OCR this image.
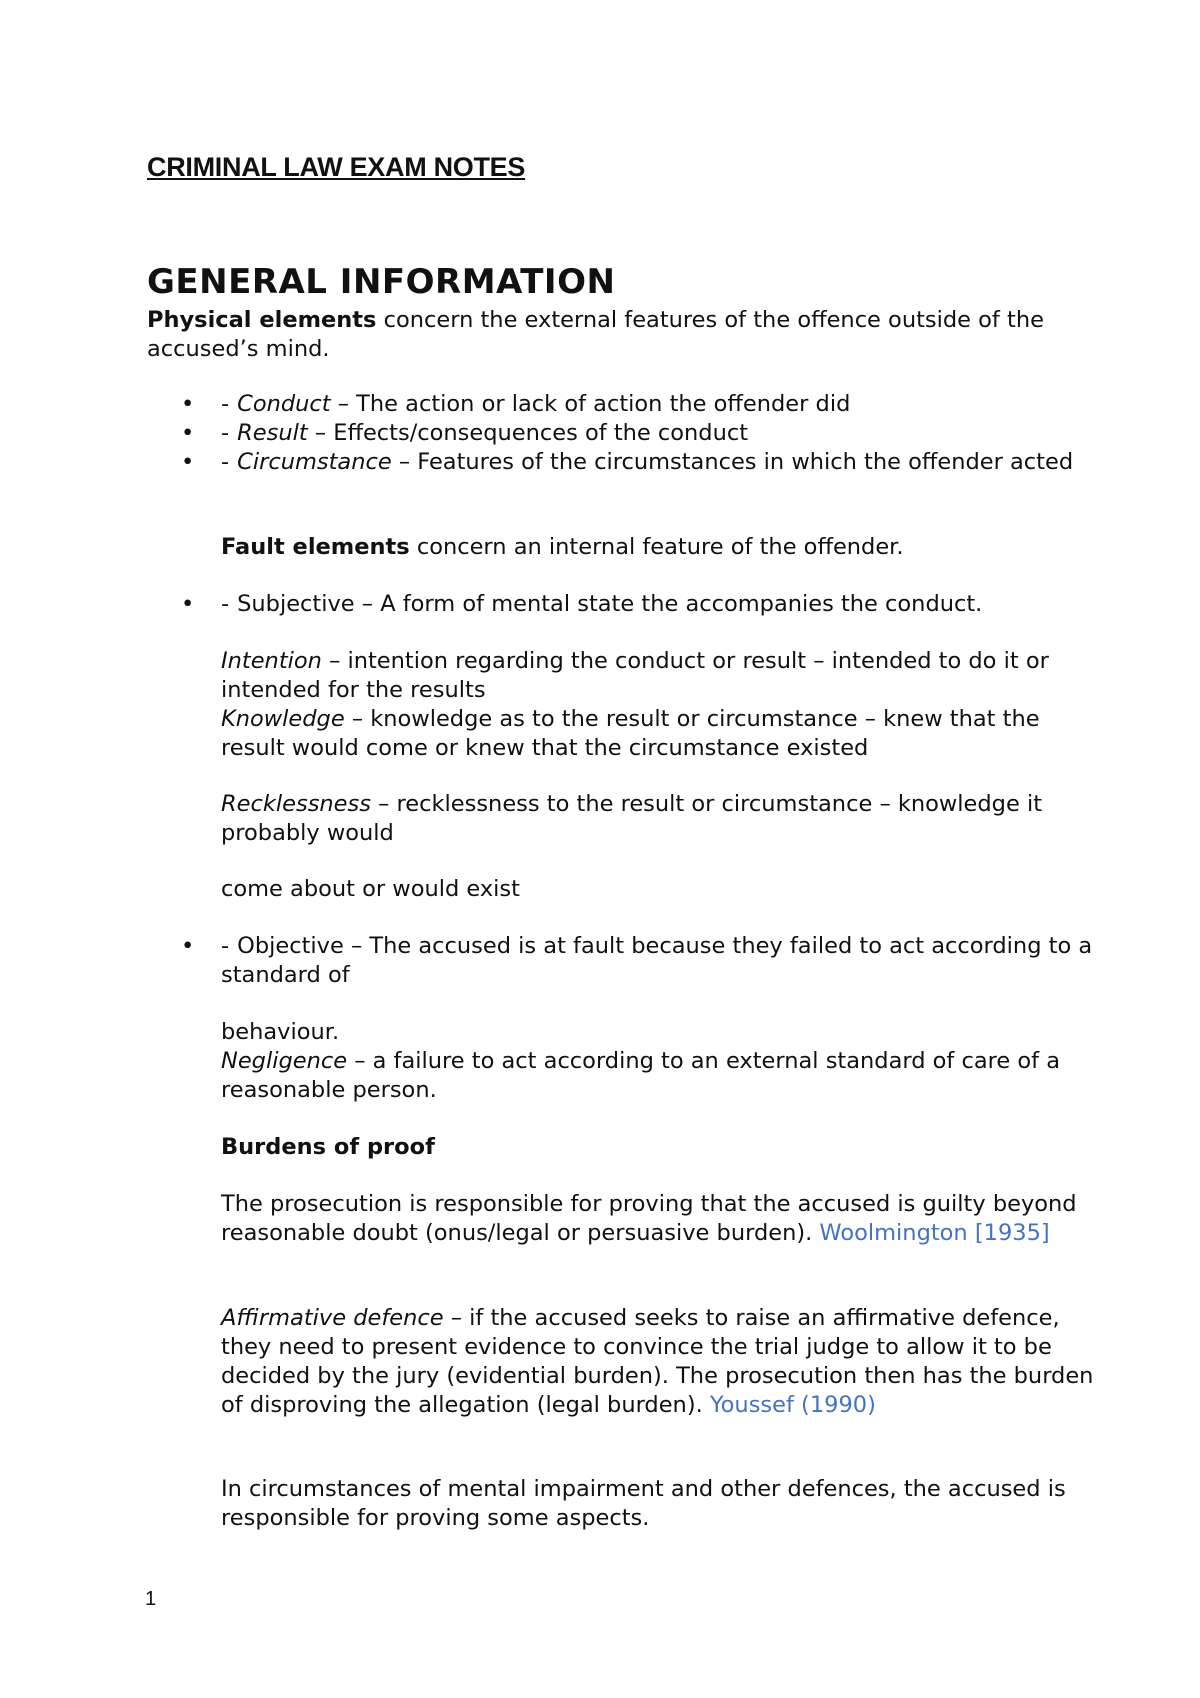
CRIMINAL LAW EXAM NOTES
GENERAL INFORMATION
Physical elements concern the external features of the offence outside of the accused’s mind.
• - Conduct – The action or lack of action the offender did
• - Result – Effects/consequences of the conduct
• - Circumstance – Features of the circumstances in which the offender acted
Fault elements concern an internal feature of the offender.
• - Subjective – A form of mental state the accompanies the conduct.
Intention – intention regarding the conduct or result – intended to do it or intended for the results
Knowledge – knowledge as to the result or circumstance – knew that the result would come or knew that the circumstance existed
Recklessness – recklessness to the result or circumstance – knowledge it probably would
come about or would exist
• - Objective – The accused is at fault because they failed to act according to a standard of
behaviour.
Negligence – a failure to act according to an external standard of care of a reasonable person.
Burdens of proof
The prosecution is responsible for proving that the accused is guilty beyond reasonable doubt (onus/legal or persuasive burden). Woolmington [1935]
Affirmative defence – if the accused seeks to raise an affirmative defence, they need to present evidence to convince the trial judge to allow it to be decided by the jury (evidential burden). The prosecution then has the burden of disproving the allegation (legal burden). Youssef (1990)
In circumstances of mental impairment and other defences, the accused is responsible for proving some aspects.
1
